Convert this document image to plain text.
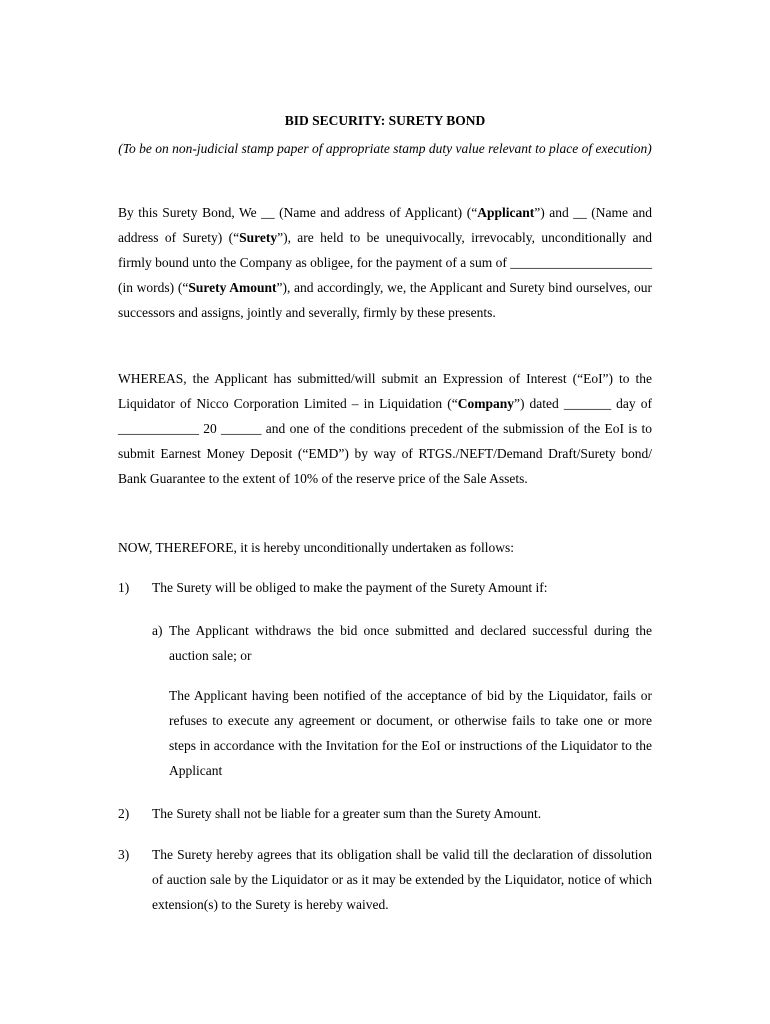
BID SECURITY: SURETY BOND
(To be on non-judicial stamp paper of appropriate stamp duty value relevant to place of execution)

By this Surety Bond, We __ (Name and address of Applicant) (“Applicant”) and __ (Name and address of Surety) (“Surety”), are held to be unequivocally, irrevocably, unconditionally and firmly bound unto the Company as obligee, for the payment of a sum of _____________________ (in words) (“Surety Amount”), and accordingly, we, the Applicant and Surety bind ourselves, our successors and assigns, jointly and severally, firmly by these presents.

WHEREAS, the Applicant has submitted/will submit an Expression of Interest (“EoI”) to the Liquidator of Nicco Corporation Limited – in Liquidation (“Company”) dated _______ day of ____________ 20 ______ and one of the conditions precedent of the submission of the EoI is to submit Earnest Money Deposit (“EMD”) by way of RTGS./NEFT/Demand Draft/Surety bond/ Bank Guarantee to the extent of 10% of the reserve price of the Sale Assets.

NOW, THEREFORE, it is hereby unconditionally undertaken as follows:

1) The Surety will be obliged to make the payment of the Surety Amount if:
a) The Applicant withdraws the bid once submitted and declared successful during the auction sale; or
The Applicant having been notified of the acceptance of bid by the Liquidator, fails or refuses to execute any agreement or document, or otherwise fails to take one or more steps in accordance with the Invitation for the EoI or instructions of the Liquidator to the Applicant
2) The Surety shall not be liable for a greater sum than the Surety Amount.
3) The Surety hereby agrees that its obligation shall be valid till the declaration of dissolution of auction sale by the Liquidator or as it may be extended by the Liquidator, notice of which extension(s) to the Surety is hereby waived.
